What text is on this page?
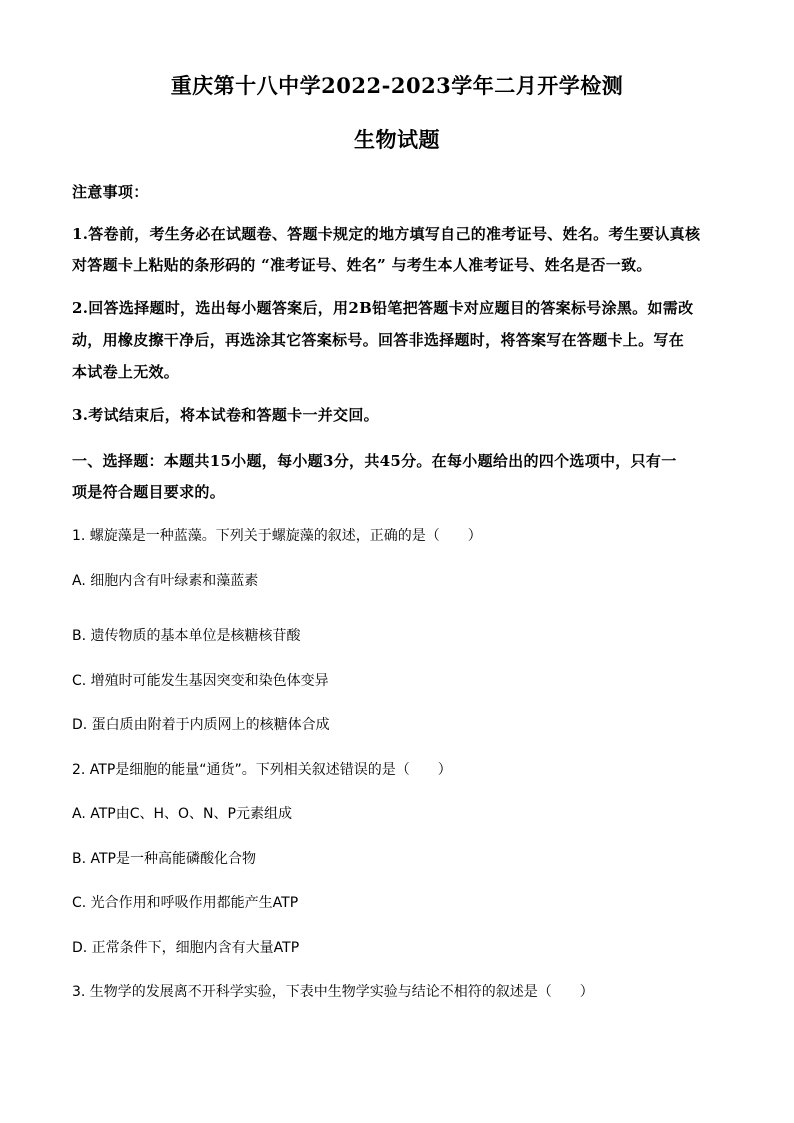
重庆第十八中学2022-2023学年二月开学检测
生物试题
注意事项：
1.答卷前，考生务必在试题卷、答题卡规定的地方填写自己的准考证号、姓名。考生要认真核
对答题卡上粘贴的条形码的 “准考证号、姓名” 与考生本人准考证号、姓名是否一致。
2.回答选择题时，选出每小题答案后，用2B铅笔把答题卡对应题目的答案标号涂黑。如需改
动，用橡皮擦干净后，再选涂其它答案标号。回答非选择题时，将答案写在答题卡上。写在
本试卷上无效。
3.考试结束后，将本试卷和答题卡一并交回。
一、选择题：本题共15小题，每小题3分，共45分。在每小题给出的四个选项中，只有一
项是符合题目要求的。
1. 螺旋藻是一种蓝藻。下列关于螺旋藻的叙述，正确的是（　　）
A. 细胞内含有叶绿素和藻蓝素
B. 遗传物质的基本单位是核糖核苷酸
C. 增殖时可能发生基因突变和染色体变异
D. 蛋白质由附着于内质网上的核糖体合成
2. ATP是细胞的能量“通货”。下列相关叙述错误的是（　　）
A. ATP由C、H、O、N、P元素组成
B. ATP是一种高能磷酸化合物
C. 光合作用和呼吸作用都能产生ATP
D. 正常条件下，细胞内含有大量ATP
3. 生物学的发展离不开科学实验，下表中生物学实验与结论不相符的叙述是（　　）
